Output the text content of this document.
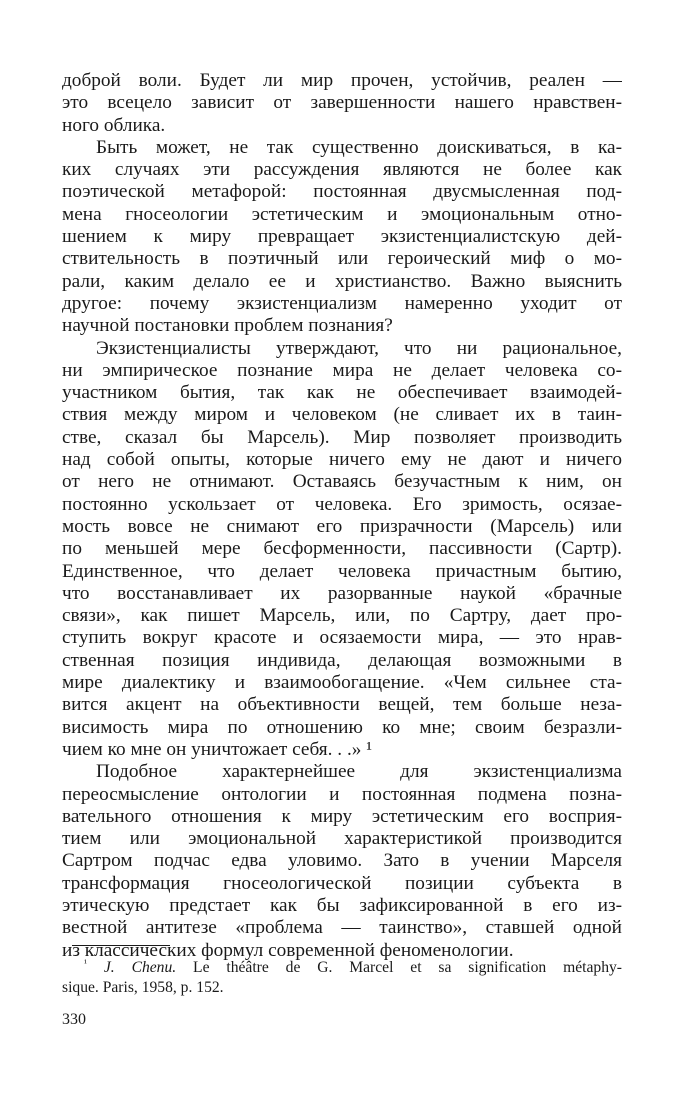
доброй воли. Будет ли мир прочен, устойчив, реален —
это всецело зависит от завершенности нашего нравствен-
ного облика.
Быть может, не так существенно доискиваться, в ка-
ких случаях эти рассуждения являются не более как
поэтической метафорой: постоянная двусмысленная под-
мена гносеологии эстетическим и эмоциональным отно-
шением к миру превращает экзистенциалистскую дей-
ствительность в поэтичный или героический миф о мо-
рали, каким делало ее и христианство. Важно выяснить
другое: почему экзистенциализм намеренно уходит от
научной постановки проблем познания?
Экзистенциалисты утверждают, что ни рациональное,
ни эмпирическое познание мира не делает человека со-
участником бытия, так как не обеспечивает взаимодей-
ствия между миром и человеком (не сливает их в таин-
стве, сказал бы Марсель). Мир позволяет производить
над собой опыты, которые ничего ему не дают и ничего
от него не отнимают. Оставаясь безучастным к ним, он
постоянно ускользает от человека. Его зримость, осязае-
мость вовсе не снимают его призрачности (Марсель) или
по меньшей мере бесформенности, пассивности (Сартр).
Единственное, что делает человека причастным бытию,
что восстанавливает их разорванные наукой «брачные
связи», как пишет Марсель, или, по Сартру, дает про-
ступить вокруг красоте и осязаемости мира, — это нрав-
ственная позиция индивида, делающая возможными в
мире диалектику и взаимообогащение. «Чем сильнее ста-
вится акцент на объективности вещей, тем больше неза-
висимость мира по отношению ко мне; своим безразли-
чием ко мне он уничтожает себя. . .» ¹
Подобное характернейшее для экзистенциализма
переосмысление онтологии и постоянная подмена позна-
вательного отношения к миру эстетическим его восприя-
тием или эмоциональной характеристикой производится
Сартром подчас едва уловимо. Зато в учении Марселя
трансформация гносеологической позиции субъекта в
этическую предстает как бы зафиксированной в его из-
вестной антитезе «проблема — таинство», ставшей одной
из классических формул современной феноменологии.
$^{^1}$ J. Chenu. Le théâtre de G. Marcel et sa signification métaphy-
sique. Paris, 1958, p. 152.
330
